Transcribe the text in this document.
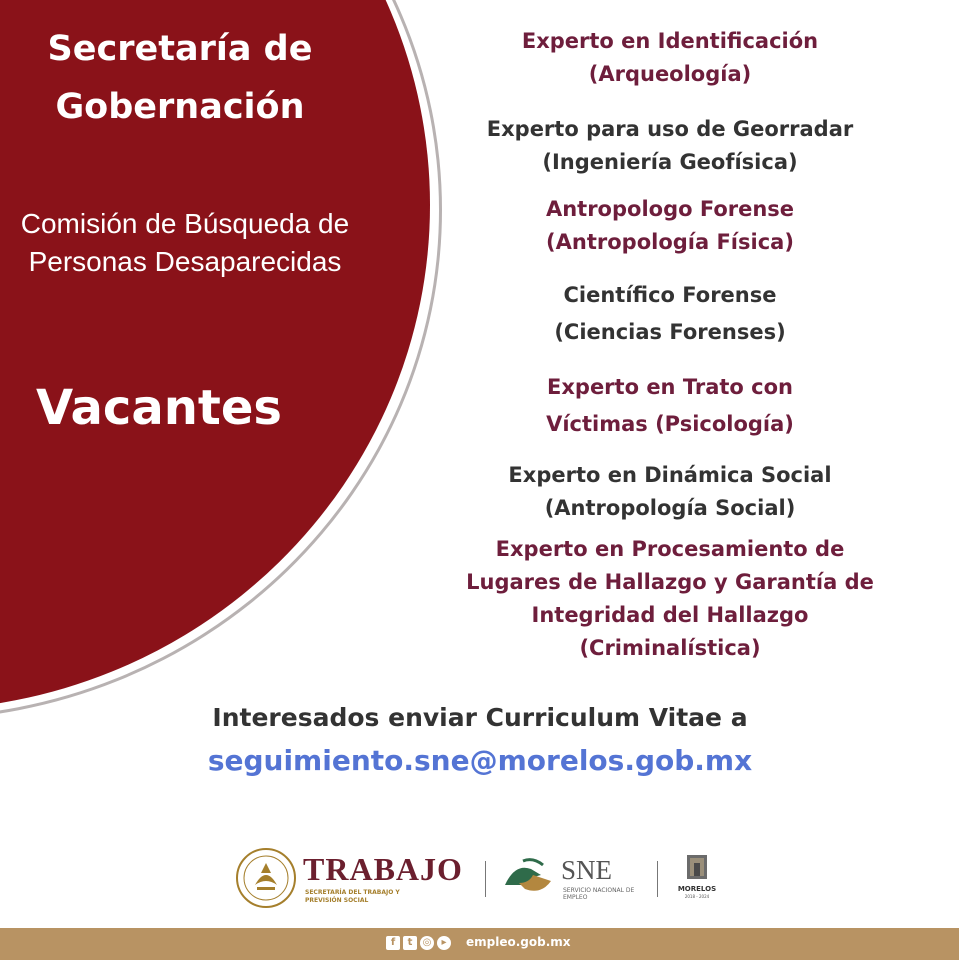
Secretaría de Gobernación
Comisión de Búsqueda de Personas Desaparecidas
Vacantes
Experto en Identificación
(Arqueología)
Experto para uso de Georradar
(Ingeniería Geofísica)
Antropologo Forense
(Antropología Física)
Científico Forense
(Ciencias Forenses)
Experto en Trato con
Víctimas (Psicología)
Experto en Dinámica Social
(Antropología Social)
Experto en Procesamiento de Lugares de Hallazgo y Garantía de Integridad del Hallazgo
(Criminalística)
Interesados enviar Curriculum Vitae a
seguimiento.sne@morelos.gob.mx
TRABAJO
SECRETARÍA DEL TRABAJO Y PREVISIÓN SOCIAL
SNE
SERVICIO NACIONAL DE EMPLEO
MORELOS
2018 - 2024
f	t	◎	▸	empleo.gob.mx
